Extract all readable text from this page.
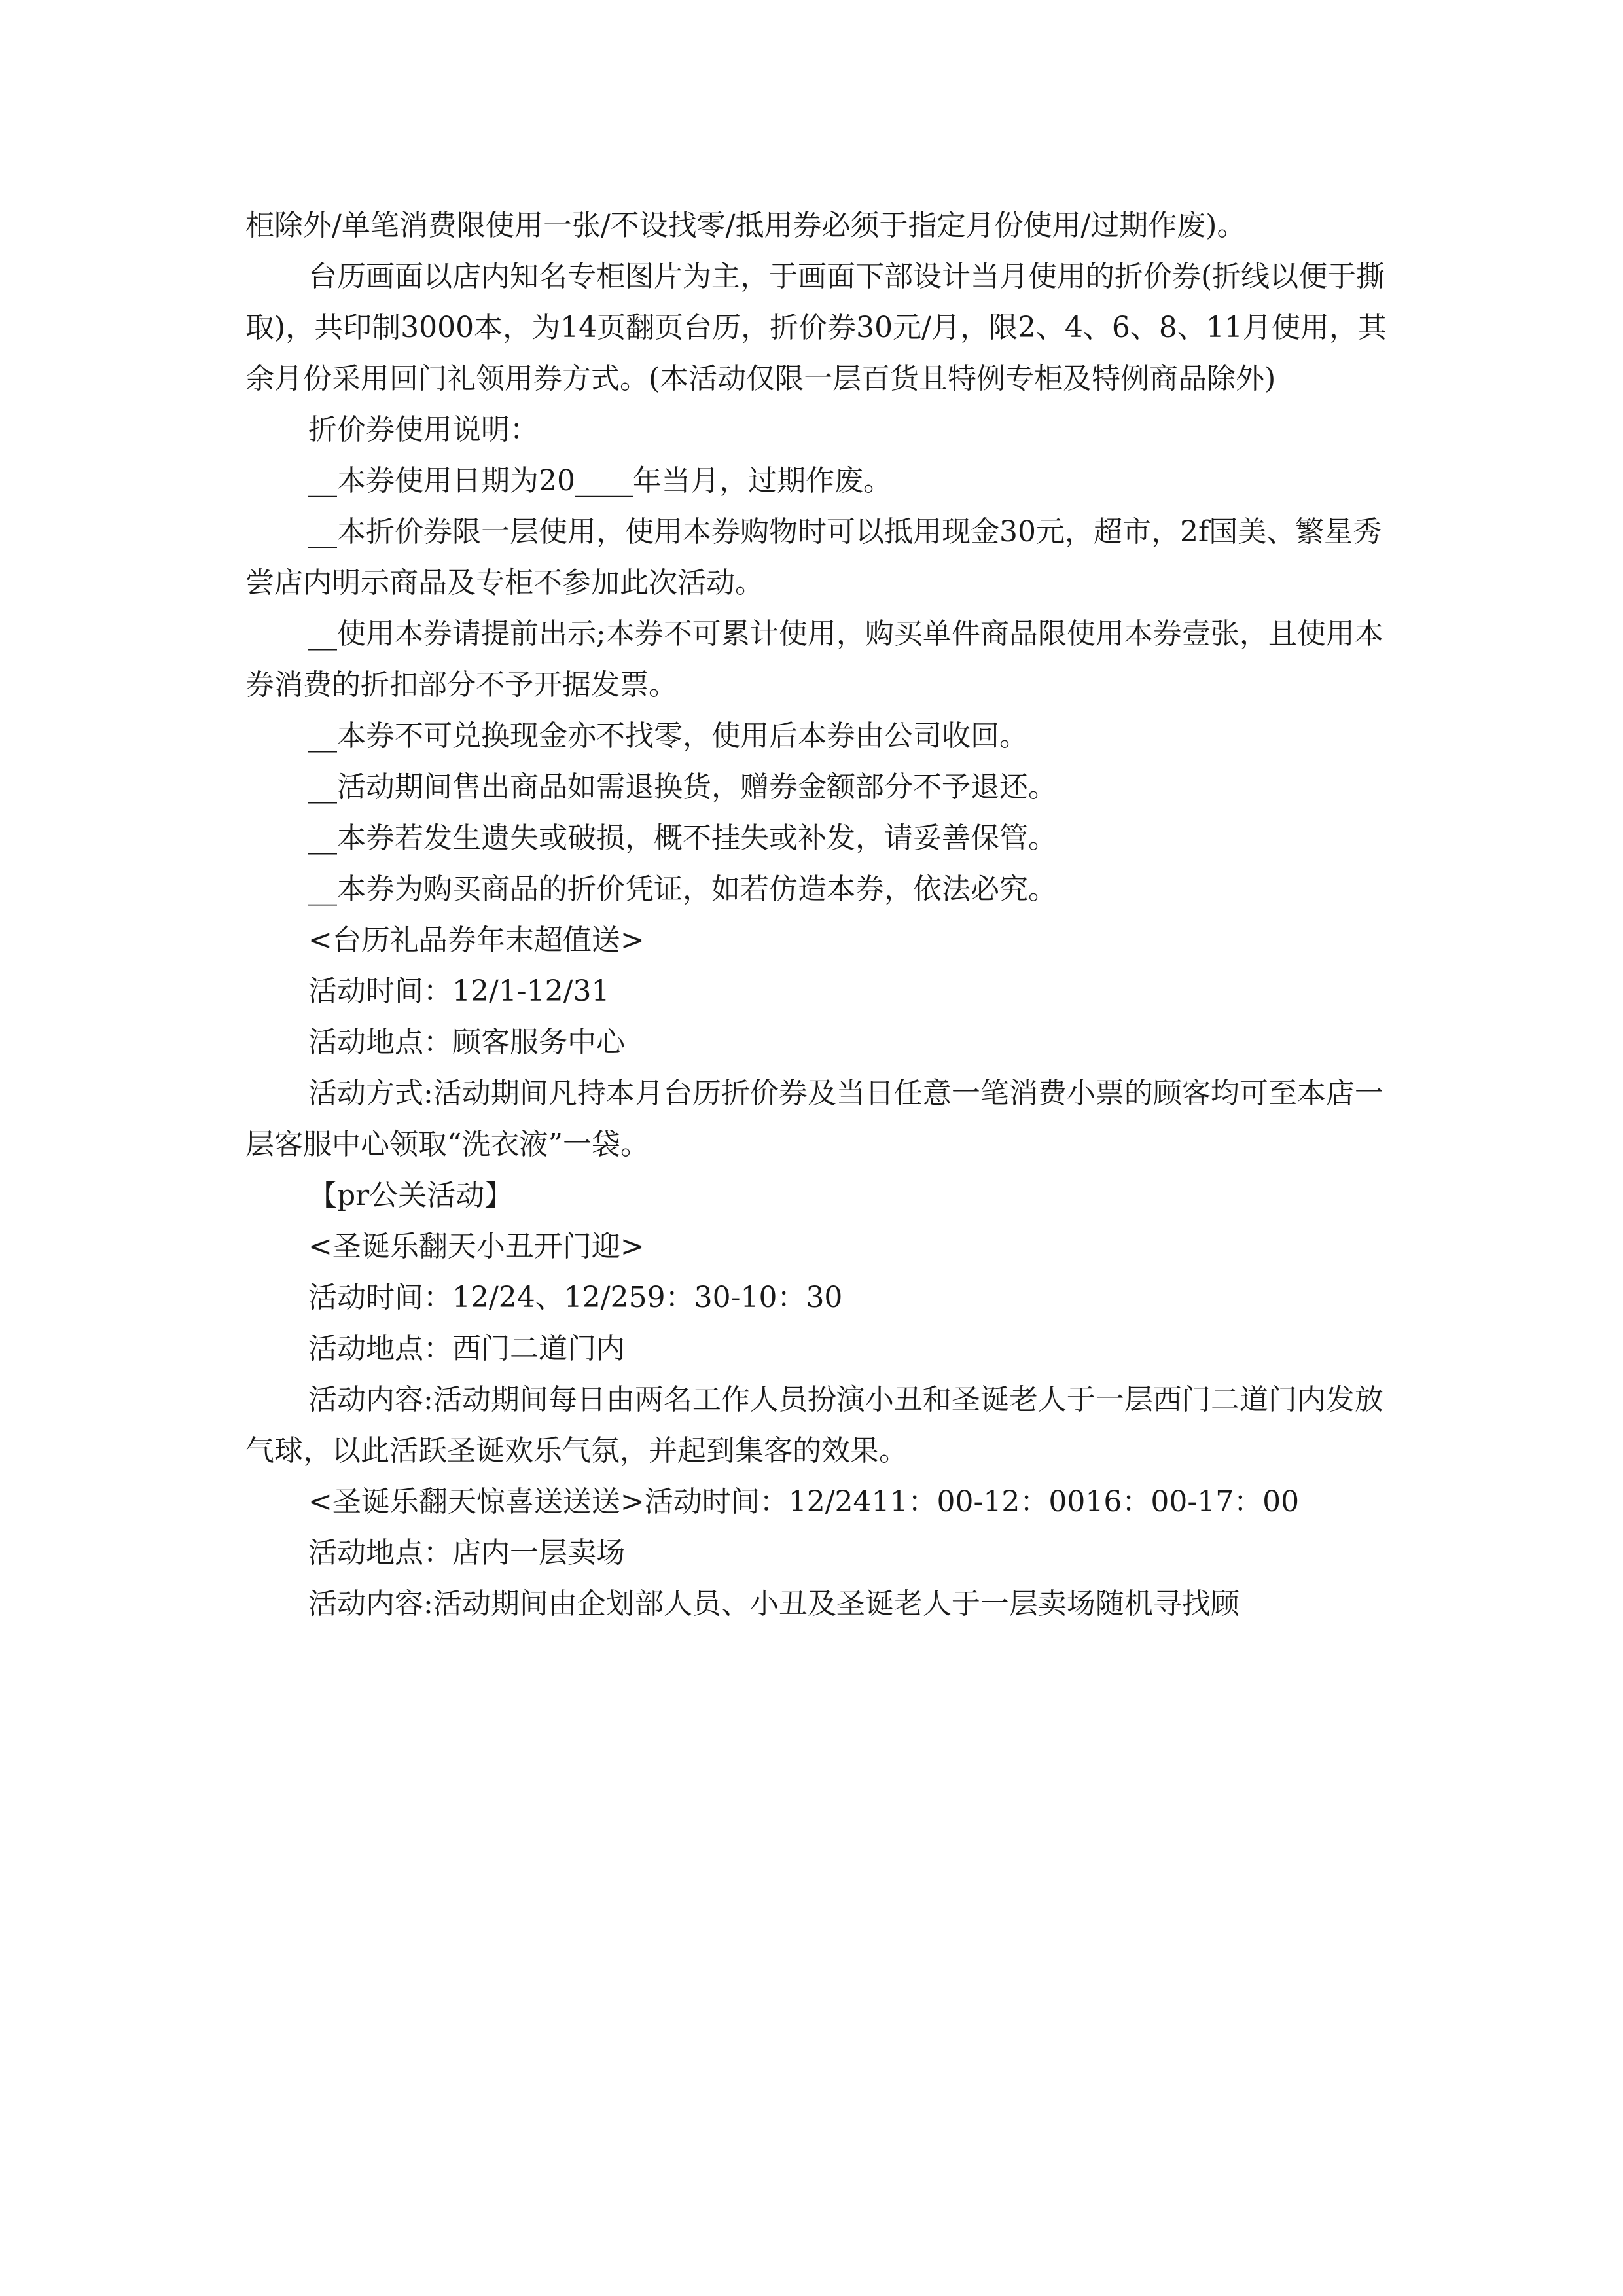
柜除外/单笔消费限使用一张/不设找零/抵用券必须于指定月份使用/过期作废)。

台历画面以店内知名专柜图片为主，于画面下部设计当月使用的折价券(折线以便于撕取)，共印制3000本，为14页翻页台历，折价券30元/月，限2、4、6、8、11月使用，其余月份采用回门礼领用券方式。(本活动仅限一层百货且特例专柜及特例商品除外)

折价券使用说明：

__本券使用日期为20____年当月，过期作废。

__本折价券限一层使用，使用本券购物时可以抵用现金30元，超市，2f国美、繁星秀尝店内明示商品及专柜不参加此次活动。

__使用本券请提前出示;本券不可累计使用，购买单件商品限使用本券壹张，且使用本券消费的折扣部分不予开据发票。

__本券不可兑换现金亦不找零，使用后本券由公司收回。

__活动期间售出商品如需退换货，赠券金额部分不予退还。

__本券若发生遗失或破损，概不挂失或补发，请妥善保管。

__本券为购买商品的折价凭证，如若仿造本券，依法必究。

<台历礼品券年末超值送>

活动时间：12/1-12/31

活动地点：顾客服务中心

活动方式:活动期间凡持本月台历折价券及当日任意一笔消费小票的顾客均可至本店一层客服中心领取“洗衣液”一袋。

【pr公关活动】

<圣诞乐翻天小丑开门迎>

活动时间：12/24、12/259：30-10：30

活动地点：西门二道门内

活动内容:活动期间每日由两名工作人员扮演小丑和圣诞老人于一层西门二道门内发放气球，以此活跃圣诞欢乐气氛，并起到集客的效果。

<圣诞乐翻天惊喜送送送>活动时间：12/2411：00-12：0016：00-17：00

活动地点：店内一层卖场

活动内容:活动期间由企划部人员、小丑及圣诞老人于一层卖场随机寻找顾
